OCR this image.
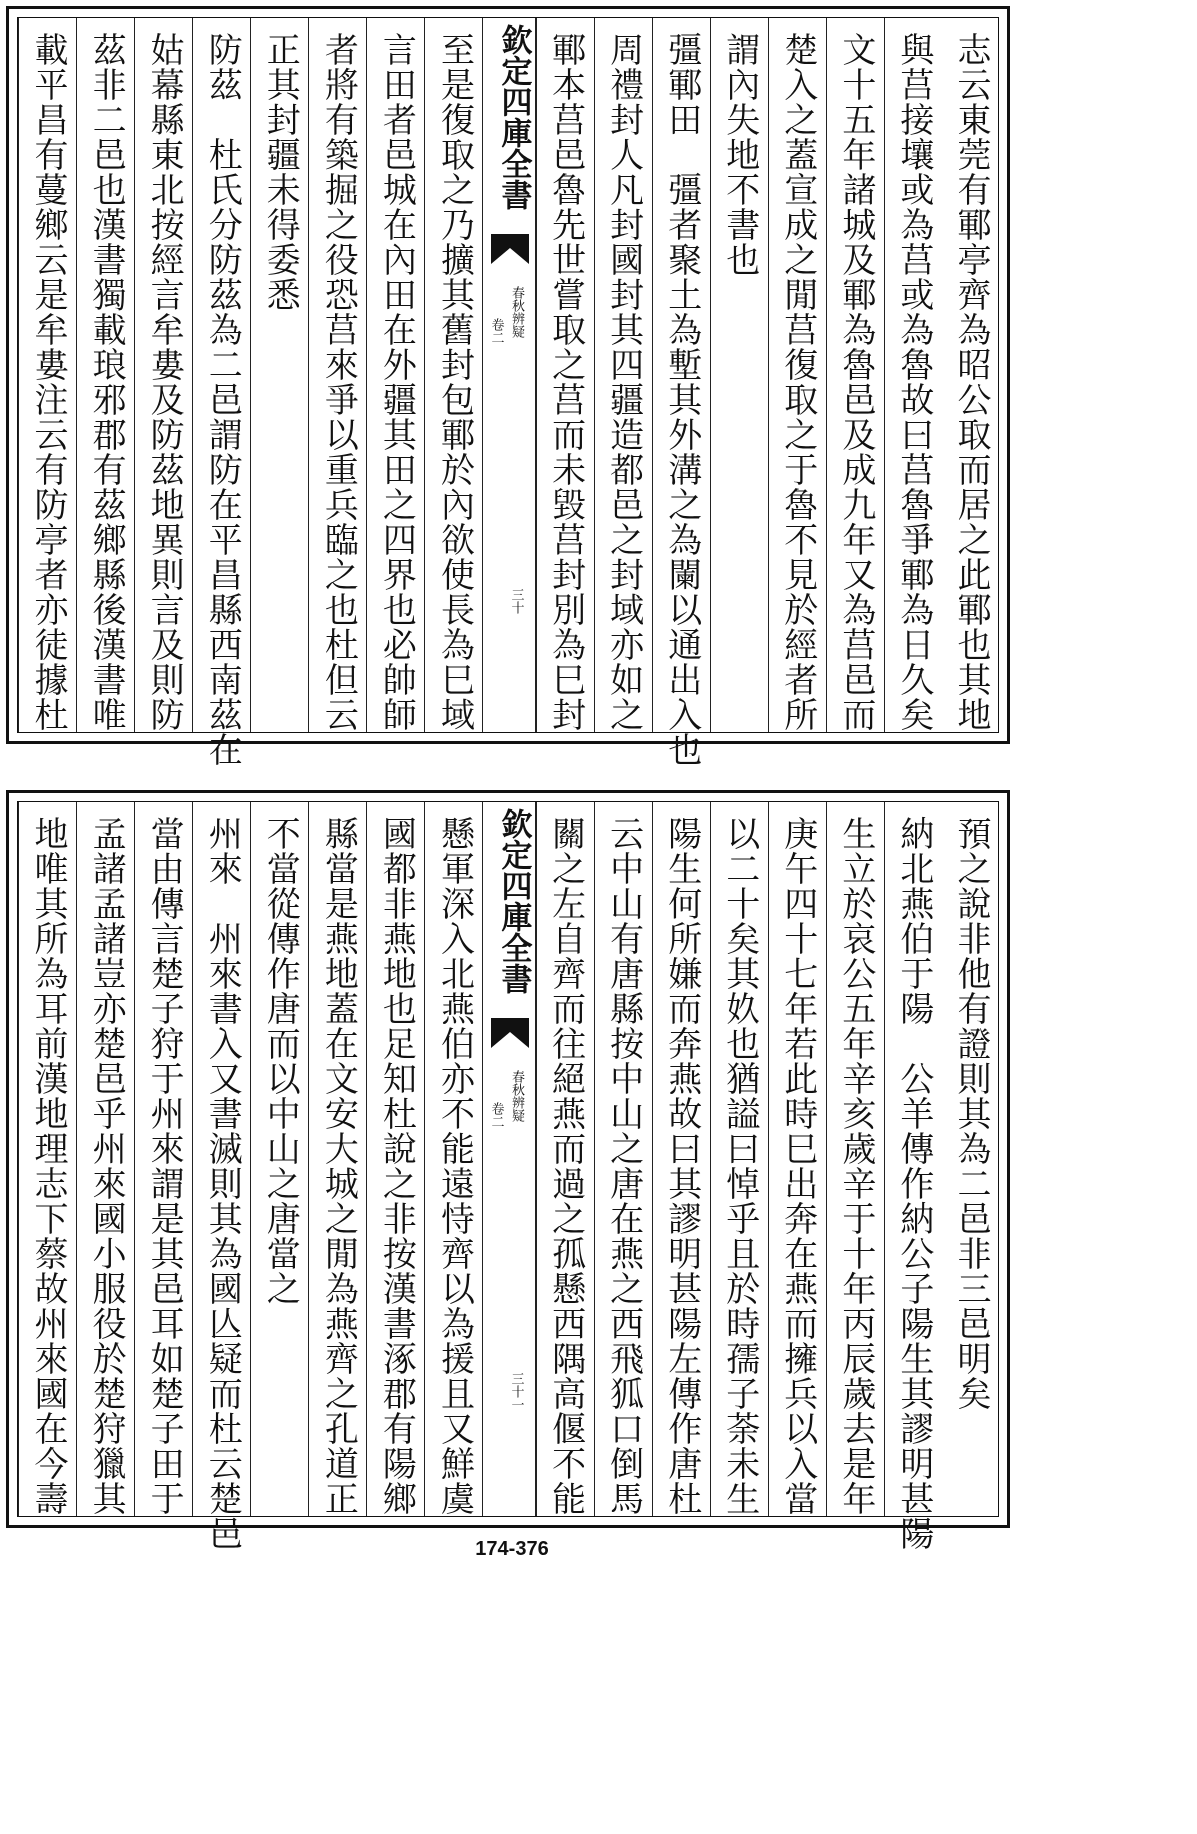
志云東莞有鄆亭齊為昭公取而居之此鄆也其地
與莒接壤或為莒或為魯故曰莒魯爭鄆為日久矣
文十五年諸城及鄆為魯邑及成九年又為莒邑而
楚入之蓋宣成之閒莒復取之于魯不見於經者所
謂內失地不書也
彊鄆田　彊者聚土為塹其外溝之為闌以通出入也
周禮封人凡封國封其四疆造都邑之封域亦如之
鄆本莒邑魯先世嘗取之莒而未毀莒封別為巳封
欽定四庫全書
春秋辨疑
卷二
三十
至是復取之乃擴其舊封包鄆於內欲使長為巳域
言田者邑城在內田在外疆其田之四界也必帥師
者將有築掘之役恐莒來爭以重兵臨之也杜但云
正其封疆未得委悉
防茲　杜氏分防茲為二邑謂防在平昌縣西南茲在
姑幕縣東北按經言牟婁及防茲地異則言及則防
茲非二邑也漢書獨載琅邪郡有茲鄉縣後漢書唯
載平昌有蔓鄉云是牟婁注云有防亭者亦徒據杜
預之說非他有證則其為二邑非三邑明矣
納北燕伯于陽　公羊傳作納公子陽生其謬明甚陽
生立於哀公五年辛亥歲辛于十年丙辰歲去是年
庚午四十七年若此時巳出奔在燕而擁兵以入當
以二十矣其奺也猶謚曰悼乎且於時孺子荼未生
陽生何所嫌而奔燕故曰其謬明甚陽左傳作唐杜
云中山有唐縣按中山之唐在燕之西飛狐口倒馬
關之左自齊而往絕燕而過之孤懸西隅高偃不能
欽定四庫全書
春秋辨疑
卷二
三十一
懸軍深入北燕伯亦不能遠恃齊以為援且又鮮虞
國都非燕地也足知杜說之非按漢書涿郡有陽鄉
縣當是燕地蓋在文安大城之閒為燕齊之孔道正
不當從傳作唐而以中山之唐當之
州來　州來書入又書滅則其為國亾疑而杜云楚邑
當由傳言楚子狩于州來謂是其邑耳如楚子田于
孟諸孟諸豈亦楚邑乎州來國小服役於楚狩獵其
地唯其所為耳前漢地理志下蔡故州來國在今壽
174-376
